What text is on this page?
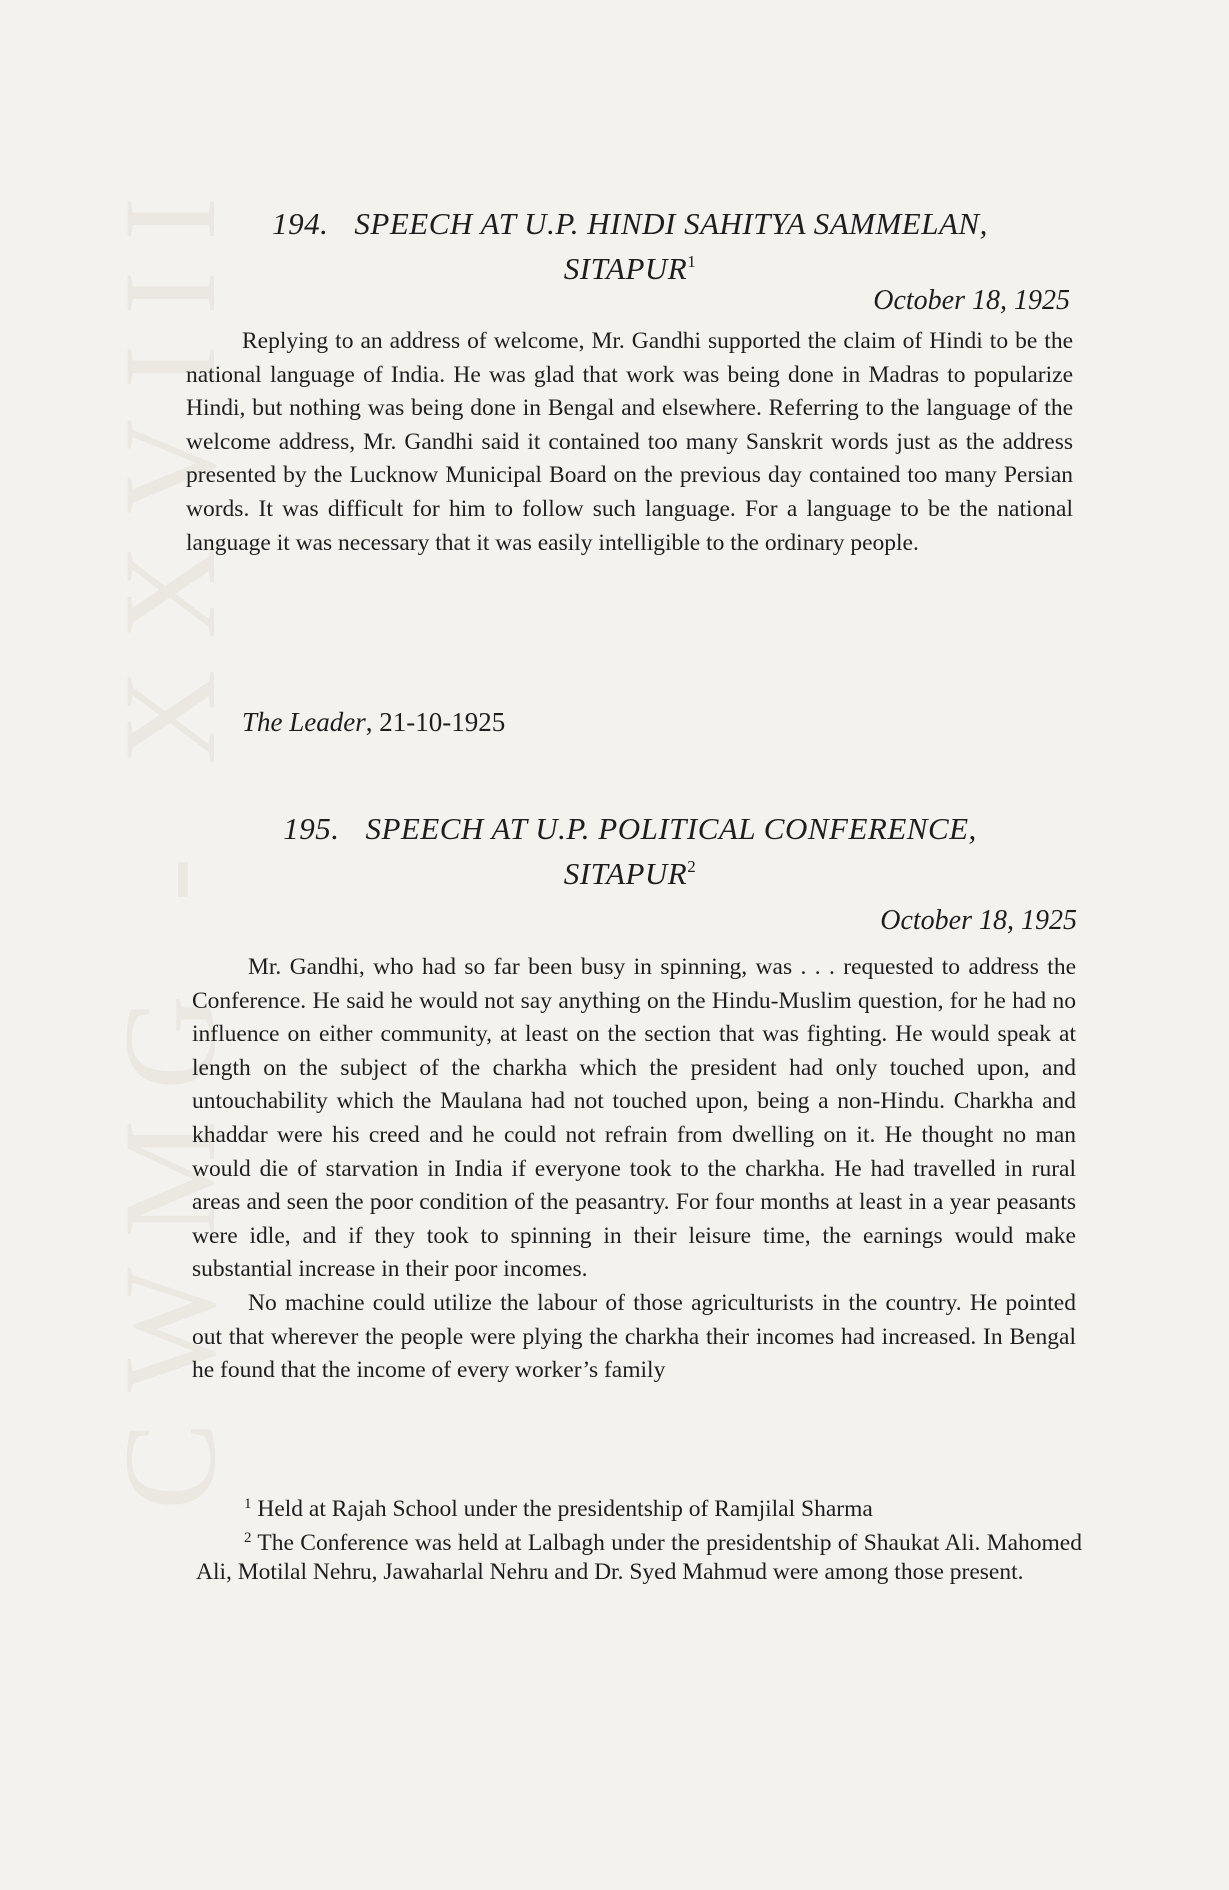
CWMG - XXVIII 194. SPEECH AT U.P. HINDI SAHITYA SAMMELAN,
SITAPUR$^1$
October 18, 1925

Replying to an address of welcome, Mr. Gandhi supported the claim of Hindi to be the national language of India. He was glad that work was being done in Madras to popularize Hindi, but nothing was being done in Bengal and elsewhere. Referring to the language of the welcome address, Mr. Gandhi said it contained too many Sanskrit words just as the address presented by the Lucknow Municipal Board on the previous day contained too many Persian words. It was difficult for him to follow such language. For a language to be the national language it was necessary that it was easily intelligible to the ordinary people.

The Leader, 21-10-1925
195. SPEECH AT U.P. POLITICAL CONFERENCE,
SITAPUR$^2$
October 18, 1925

Mr. Gandhi, who had so far been busy in spinning, was . . . requested to address the Conference. He said he would not say anything on the Hindu-Muslim question, for he had no influence on either community, at least on the section that was fighting. He would speak at length on the subject of the charkha which the president had only touched upon, and untouchability which the Maulana had not touched upon, being a non-Hindu. Charkha and khaddar were his creed and he could not refrain from dwelling on it. He thought no man would die of starvation in India if everyone took to the charkha. He had travelled in rural areas and seen the poor condition of the peasantry. For four months at least in a year peasants were idle, and if they took to spinning in their leisure time, the earnings would make substantial increase in their poor incomes.

No machine could utilize the labour of those agriculturists in the country. He pointed out that wherever the people were plying the charkha their incomes had increased. In Bengal he found that the income of every worker’s family

$^1$ Held at Rajah School under the presidentship of Ramjilal Sharma

$^2$ The Conference was held at Lalbagh under the presidentship of Shaukat Ali. Mahomed Ali, Motilal Nehru, Jawaharlal Nehru and Dr. Syed Mahmud were among those present.
